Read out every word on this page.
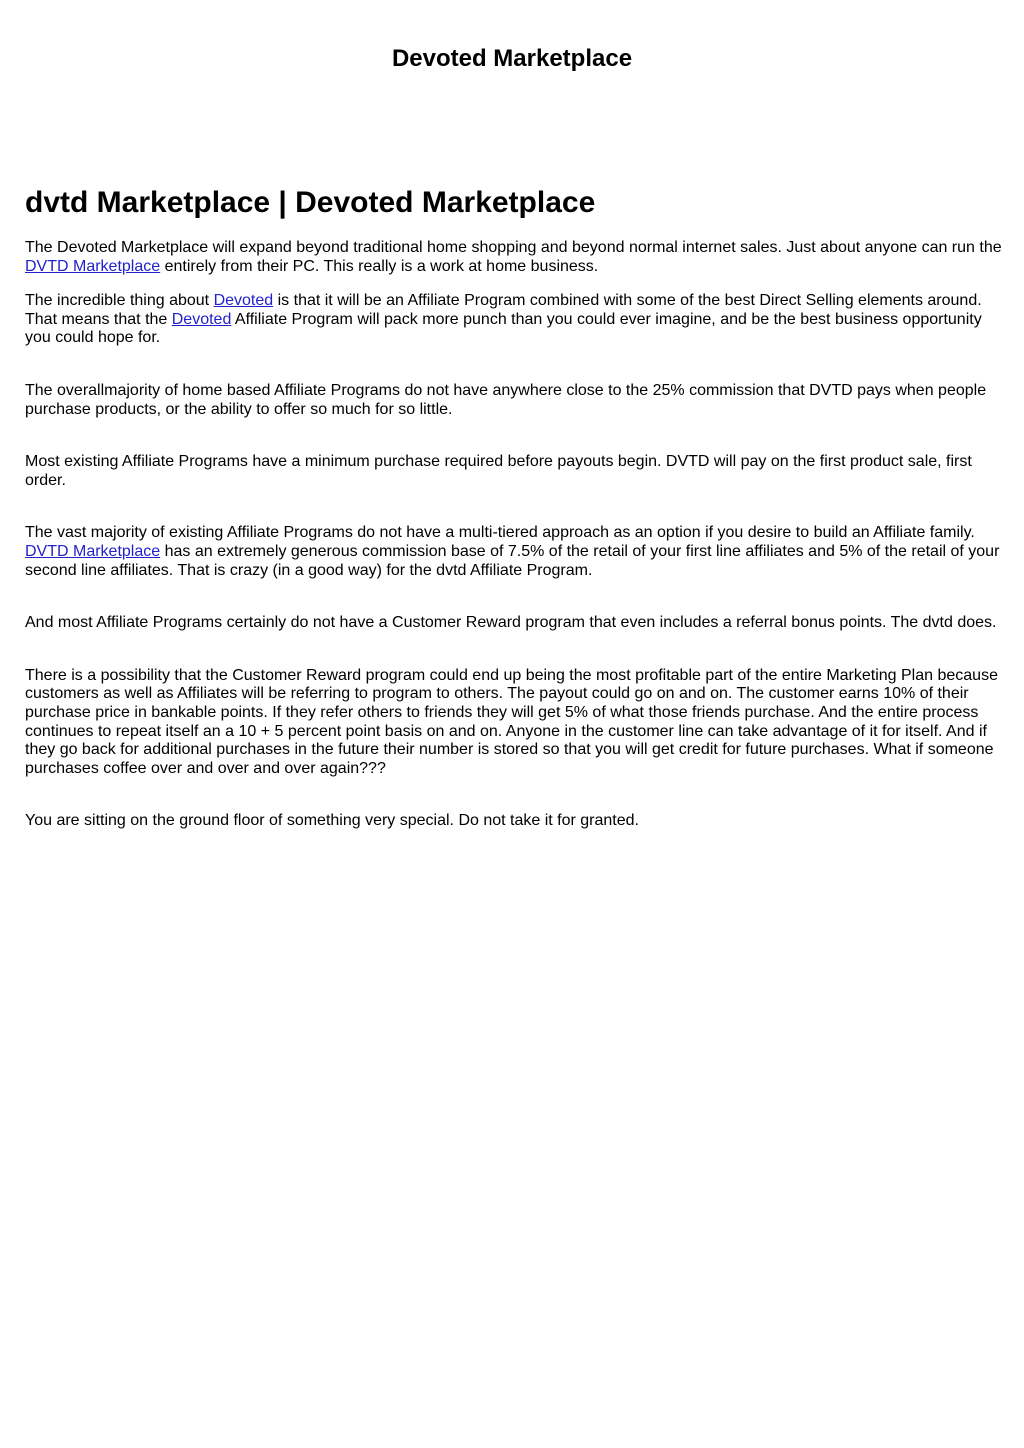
Devoted Marketplace
dvtd Marketplace | Devoted Marketplace

The Devoted Marketplace will expand beyond traditional home shopping and beyond normal internet sales. Just about anyone can run the DVTD Marketplace entirely from their PC. This really is a work at home business.

The incredible thing about Devoted is that it will be an Affiliate Program combined with some of the best Direct Selling elements around. That means that the Devoted Affiliate Program will pack more punch than you could ever imagine, and be the best business opportunity you could hope for.

The overallmajority of home based Affiliate Programs do not have anywhere close to the 25% commission that DVTD pays when people purchase products, or the ability to offer so much for so little.

Most existing Affiliate Programs have a minimum purchase required before payouts begin. DVTD will pay on the first product sale, first order.

The vast majority of existing Affiliate Programs do not have a multi-tiered approach as an option if you desire to build an Affiliate family. DVTD Marketplace has an extremely generous commission base of 7.5% of the retail of your first line affiliates and 5% of the retail of your second line affiliates. That is crazy (in a good way) for the dvtd Affiliate Program.

And most Affiliate Programs certainly do not have a Customer Reward program that even includes a referral bonus points. The dvtd does.

There is a possibility that the Customer Reward program could end up being the most profitable part of the entire Marketing Plan because customers as well as Affiliates will be referring to program to others. The payout could go on and on. The customer earns 10% of their purchase price in bankable points. If they refer others to friends they will get 5% of what those friends purchase. And the entire process continues to repeat itself an a 10 + 5 percent point basis on and on. Anyone in the customer line can take advantage of it for itself. And if they go back for additional purchases in the future their number is stored so that you will get credit for future purchases. What if someone purchases coffee over and over and over again???

You are sitting on the ground floor of something very special. Do not take it for granted.
